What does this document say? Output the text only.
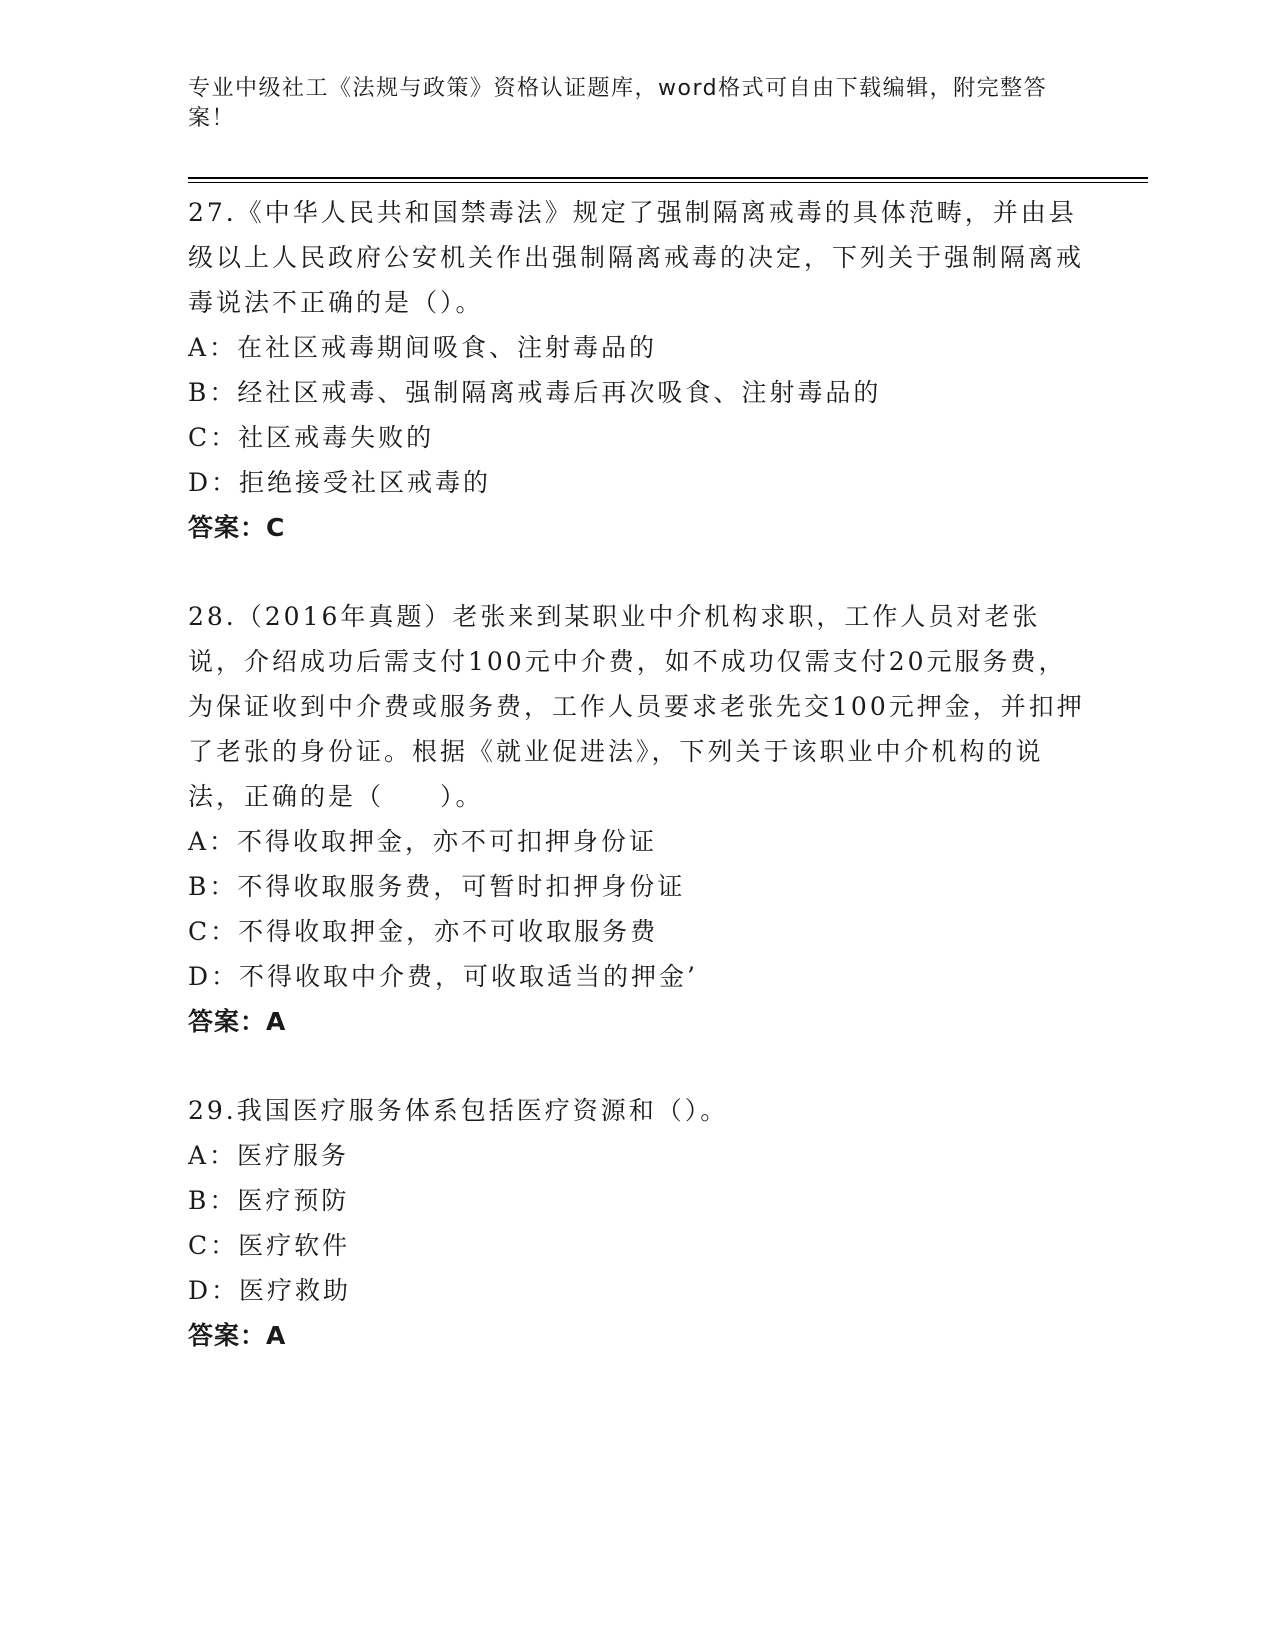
专业中级社工《法规与政策》资格认证题库，word格式可自由下载编辑，附完整答案！

27.《中华人民共和国禁毒法》规定了强制隔离戒毒的具体范畴，并由县级以上人民政府公安机关作出强制隔离戒毒的决定，下列关于强制隔离戒毒说法不正确的是（）。

A：在社区戒毒期间吸食、注射毒品的
B：经社区戒毒、强制隔离戒毒后再次吸食、注射毒品的
C：社区戒毒失败的
D：拒绝接受社区戒毒的
答案：C

28.（2016年真题）老张来到某职业中介机构求职，工作人员对老张说，介绍成功后需支付100元中介费，如不成功仅需支付20元服务费，为保证收到中介费或服务费，工作人员要求老张先交100元押金，并扣押了老张的身份证。根据《就业促进法》，下列关于该职业中介机构的说法，正确的是（　　）。

A：不得收取押金，亦不可扣押身份证
B：不得收取服务费，可暂时扣押身份证
C：不得收取押金，亦不可收取服务费
D：不得收取中介费，可收取适当的押金’
答案：A

29.我国医疗服务体系包括医疗资源和（）。

A：医疗服务
B：医疗预防
C：医疗软件
D：医疗救助
答案：A
